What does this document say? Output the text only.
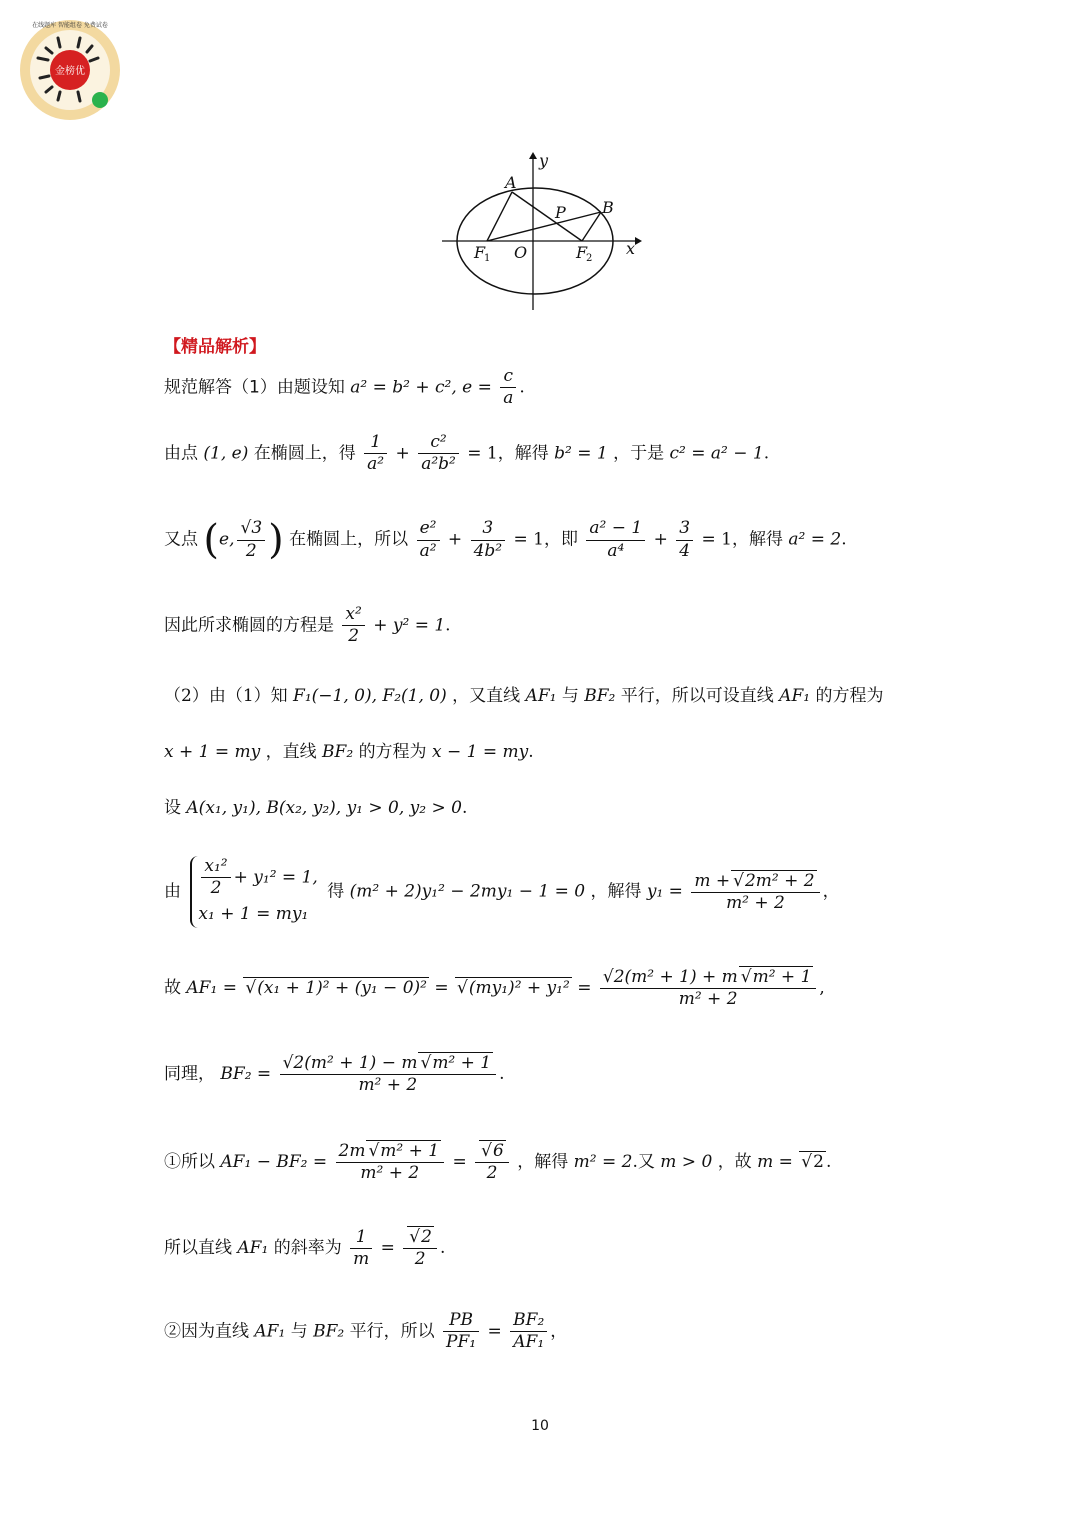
金榜优
在线题库 智能组卷 免费试卷
y
x
A
B
P
O
F
1	F
2
【精品解析】
规范解答（1）由题设知 a² = b² + c², $e = \frac{c}{a}$ .
由点 (1, e) 在椭圆上，得 $\frac{1}{\text{a²}} + \frac{\text{c²}}{\text{a²b²}} = 1$，解得 b² = 1 ，于是 c² = a² − 1.
又点 (e, $\frac{√3}{2}$ ) 在椭圆上，所以 $\frac{\text{e²}}{\text{a²}} + \frac{3}{\text{4b²}} = 1$，即 $\frac{\text{a² − 1}}{\text{a⁴}} + \frac{3}{4} = 1$，解得 a² = 2.
因此所求椭圆的方程是 $\frac{\text{x²}}{2} + y^2 = 1$.
（2）由（1）知 F₁(−1, 0), F₂(1, 0) ，又直线 AF₁ 与 BF₂ 平行，所以可设直线 AF₁ 的方程为
x + 1 = my ，直线 BF₂ 的方程为 x − 1 = my.
设 A(x₁, y₁), B(x₂, y₂), y₁ > 0, y₂ > 0.
由 $\frac{\text{x₁²}}{2} + y_1^2 = 1$,
x₁ + 1 = my₁
得 (m² + 2)y₁² − 2my₁ − 1 = 0 ，解得 $y_1 = \frac{\text{m + √ 2m² + 2}}{\text{m² + 2}}$ ，
故 AF₁ = √ (x₁ + 1)² + (y₁ − 0)² = √ $(my_1)^2 + y_1^2 = \frac{\text{√2(m² + 1) + m √ m² + 1}}{\text{m² + 2}}$ ,
同理， $BF_2 = \frac{\text{√2(m² + 1) − m √ m² + 1}}{\text{m² + 2}}$ .
①所以 $AF_1 - BF_2 = \frac{\text{2m √ m² + 1}}{\text{m² + 2}}$ = √ $\frac{6}{2}$ ，解得 m² = 2.又 m > 0 ，故 m = √ 2 .
所以直线 AF₁ 的斜率为 $\frac{1}{m}$ = √ $\frac{2}{2}$ .
②因为直线 AF₁ 与 BF₂ 平行，所以 $\frac{PB}{\text{PF₁}} = \frac{\text{BF₂}}{\text{AF₁}}$ ，
10
